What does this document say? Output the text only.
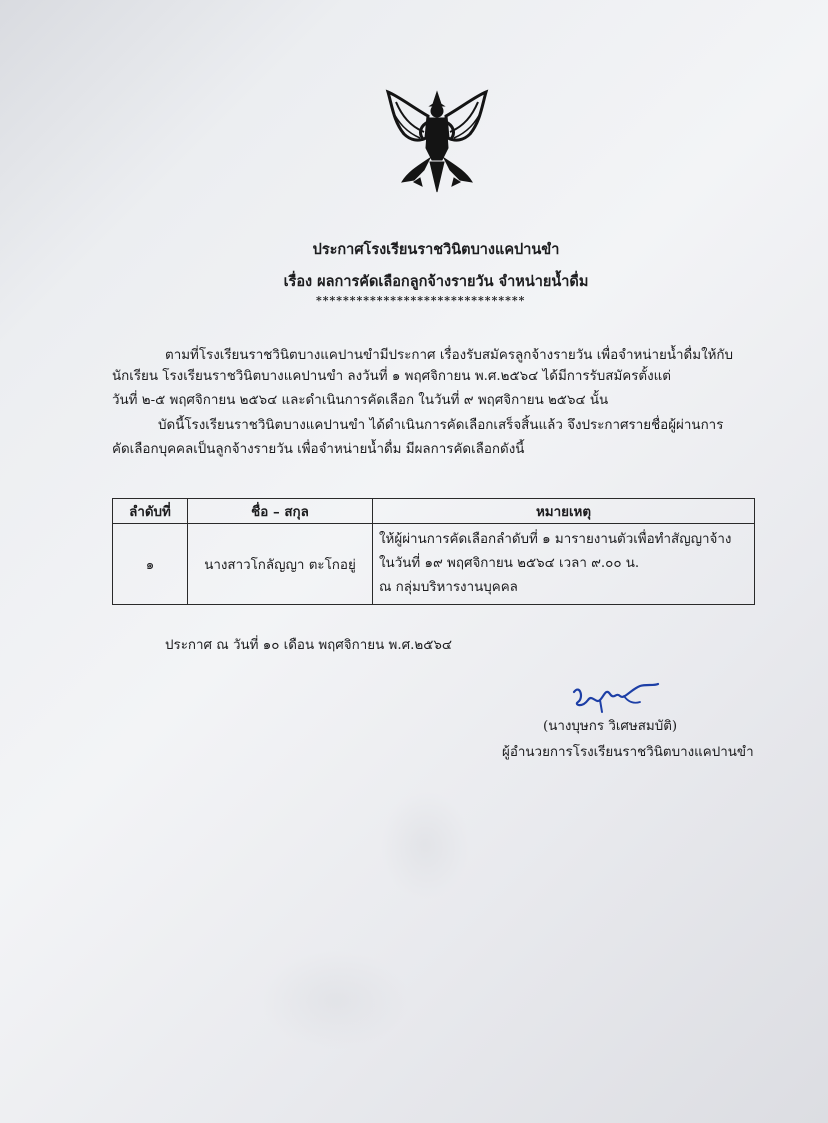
ประกาศโรงเรียนราชวินิตบางแคปานขำ
เรื่อง ผลการคัดเลือกลูกจ้างรายวัน จำหน่ายน้ำดื่ม
*******************************
ตามที่โรงเรียนราชวินิตบางแคปานขำมีประกาศ เรื่องรับสมัครลูกจ้างรายวัน เพื่อจำหน่ายน้ำดื่มให้กับ
นักเรียน โรงเรียนราชวินิตบางแคปานขำ ลงวันที่ ๑ พฤศจิกายน พ.ศ.๒๕๖๔ ได้มีการรับสมัครตั้งแต่
วันที่ ๒-๕ พฤศจิกายน ๒๕๖๔ และดำเนินการคัดเลือก ในวันที่ ๙ พฤศจิกายน ๒๕๖๔ นั้น
บัดนี้โรงเรียนราชวินิตบางแคปานขำ ได้ดำเนินการคัดเลือกเสร็จสิ้นแล้ว จึงประกาศรายชื่อผู้ผ่านการ
คัดเลือกบุคคลเป็นลูกจ้างรายวัน เพื่อจำหน่ายน้ำดื่ม มีผลการคัดเลือกดังนี้
ลำดับที่	ชื่อ – สกุล	หมายเหตุ
๑	นางสาวโกลัญญา ตะโกอยู่	ให้ผู้ผ่านการคัดเลือกลำดับที่ ๑ มารายงานตัวเพื่อทำสัญญาจ้าง
ในวันที่ ๑๙ พฤศจิกายน ๒๕๖๔ เวลา ๙.๐๐ น.
ณ กลุ่มบริหารงานบุคคล
ประกาศ ณ วันที่ ๑๐ เดือน พฤศจิกายน พ.ศ.๒๕๖๔
(นางบุษกร วิเศษสมบัติ)
ผู้อำนวยการโรงเรียนราชวินิตบางแคปานขำ
